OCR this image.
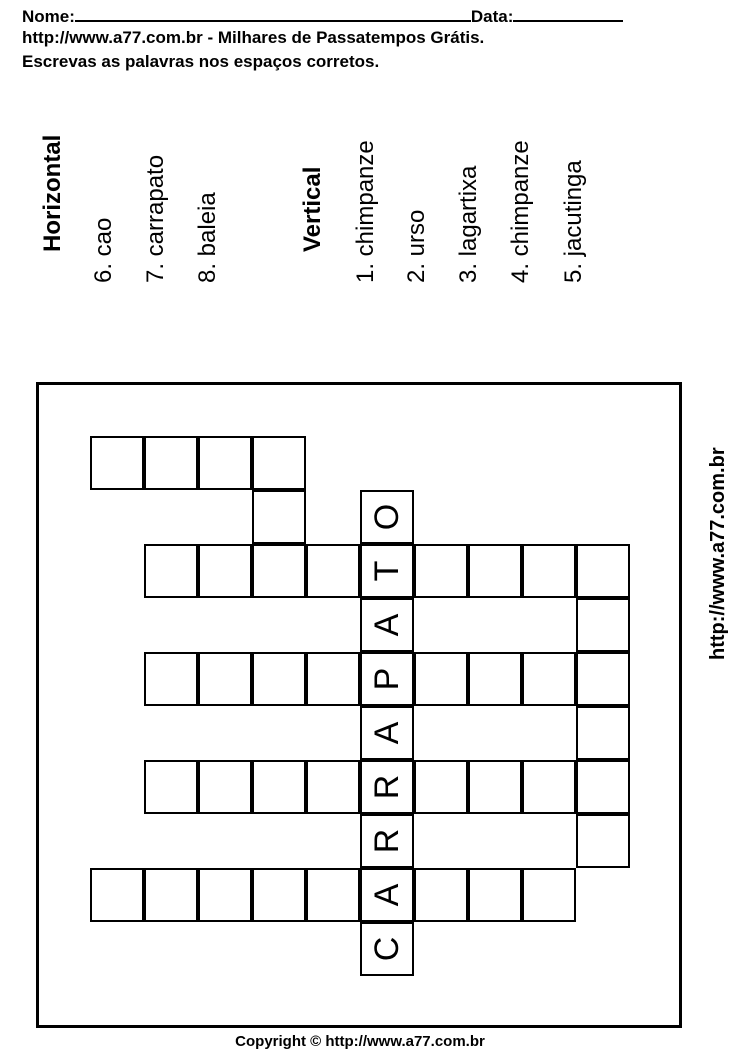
Nome:	Data:
http://www.a77.com.br - Milhares de Passatempos Grátis.
Escrevas as palavras nos espaços corretos.
Horizontal 6. cao 7. carrapato 8. baleia	Vertical 1. chimpanze 2. urso 3. lagartixa 4. chimpanze 5. jacutinga
O
T
A
P
A
R
R
A
C
http://www.a77.com.br
Copyright © http://www.a77.com.br
